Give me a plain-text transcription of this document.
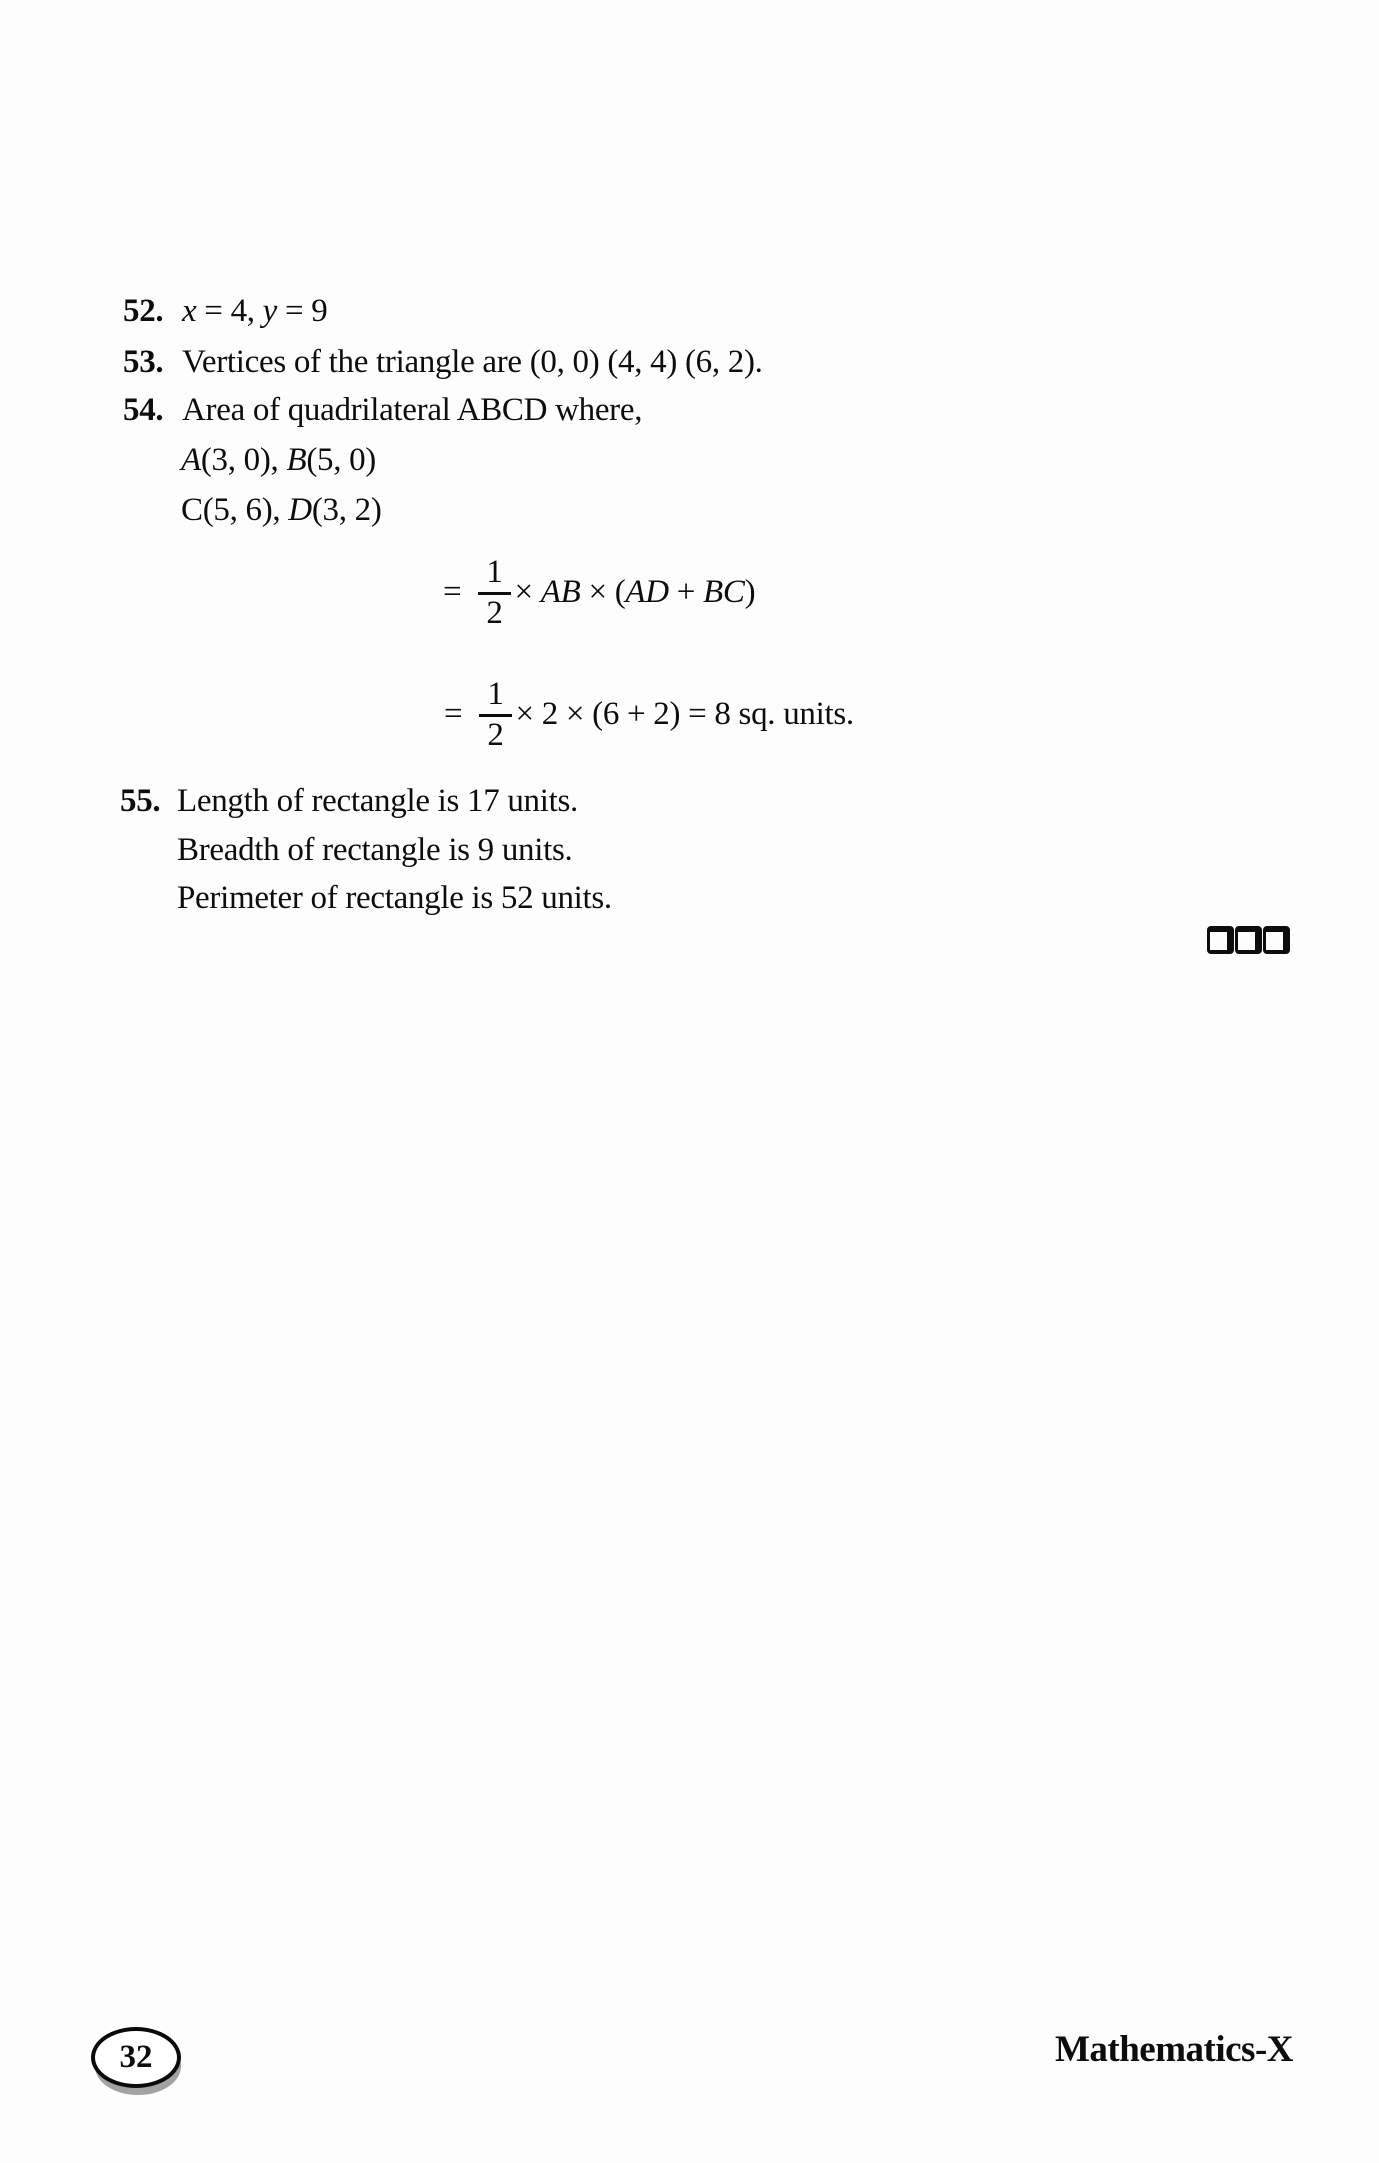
52. x = 4, y = 9
53. Vertices of the triangle are (0, 0) (4, 4) (6, 2).
54. Area of quadrilateral ABCD where,
A(3, 0), B(5, 0)
C(5, 6), D(3, 2)
= $\frac{1}{2}$ × AB × (AD + BC)
= $\frac{1}{2} \times 2 \times (6 + 2) = 8$ sq. units.
55. Length of rectangle is 17 units.
Breadth of rectangle is 9 units.
Perimeter of rectangle is 52 units.
32	Mathematics-X
